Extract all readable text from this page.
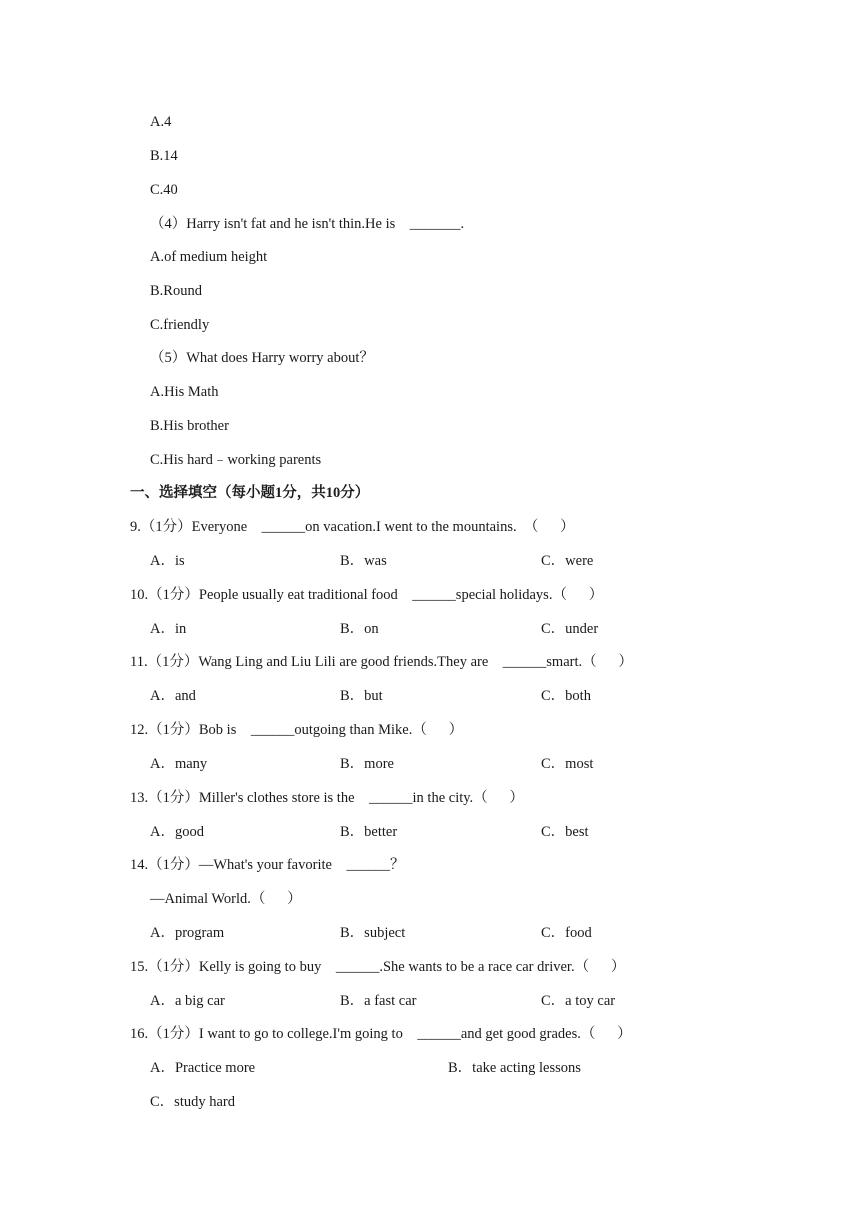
A.4
B.14
C.40
（4）Harry isn't fat and he isn't thin.He is    _______.
A.of medium height
B.Round
C.friendly
（5）What does Harry worry about？
A.His Math
B.His brother
C.His hard﹣working parents
一、选择填空（每小题1分，共10分）
9.（1分）Everyone    ______on vacation.I went to the mountains.  （      ）
A．is	B．was	C．were
10.（1分）People usually eat traditional food    ______special holidays.（      ）
A．in	B．on	C．under
11.（1分）Wang Ling and Liu Lili are good friends.They are    ______smart.（      ）
A．and	B．but	C．both
12.（1分）Bob is    ______outgoing than Mike.（      ）
A．many	B．more	C．most
13.（1分）Miller's clothes store is the    ______in the city.（      ）
A．good	B．better	C．best
14.（1分）—What's your favorite    ______？
—Animal World.（      ）
A．program	B．subject	C．food
15.（1分）Kelly is going to buy    ______.She wants to be a race car driver.（      ）
A．a big car	B．a fast car	C．a toy car
16.（1分）I want to go to college.I'm going to    ______and get good grades.（      ）
A．Practice more	B．take acting lessons
C．study hard
